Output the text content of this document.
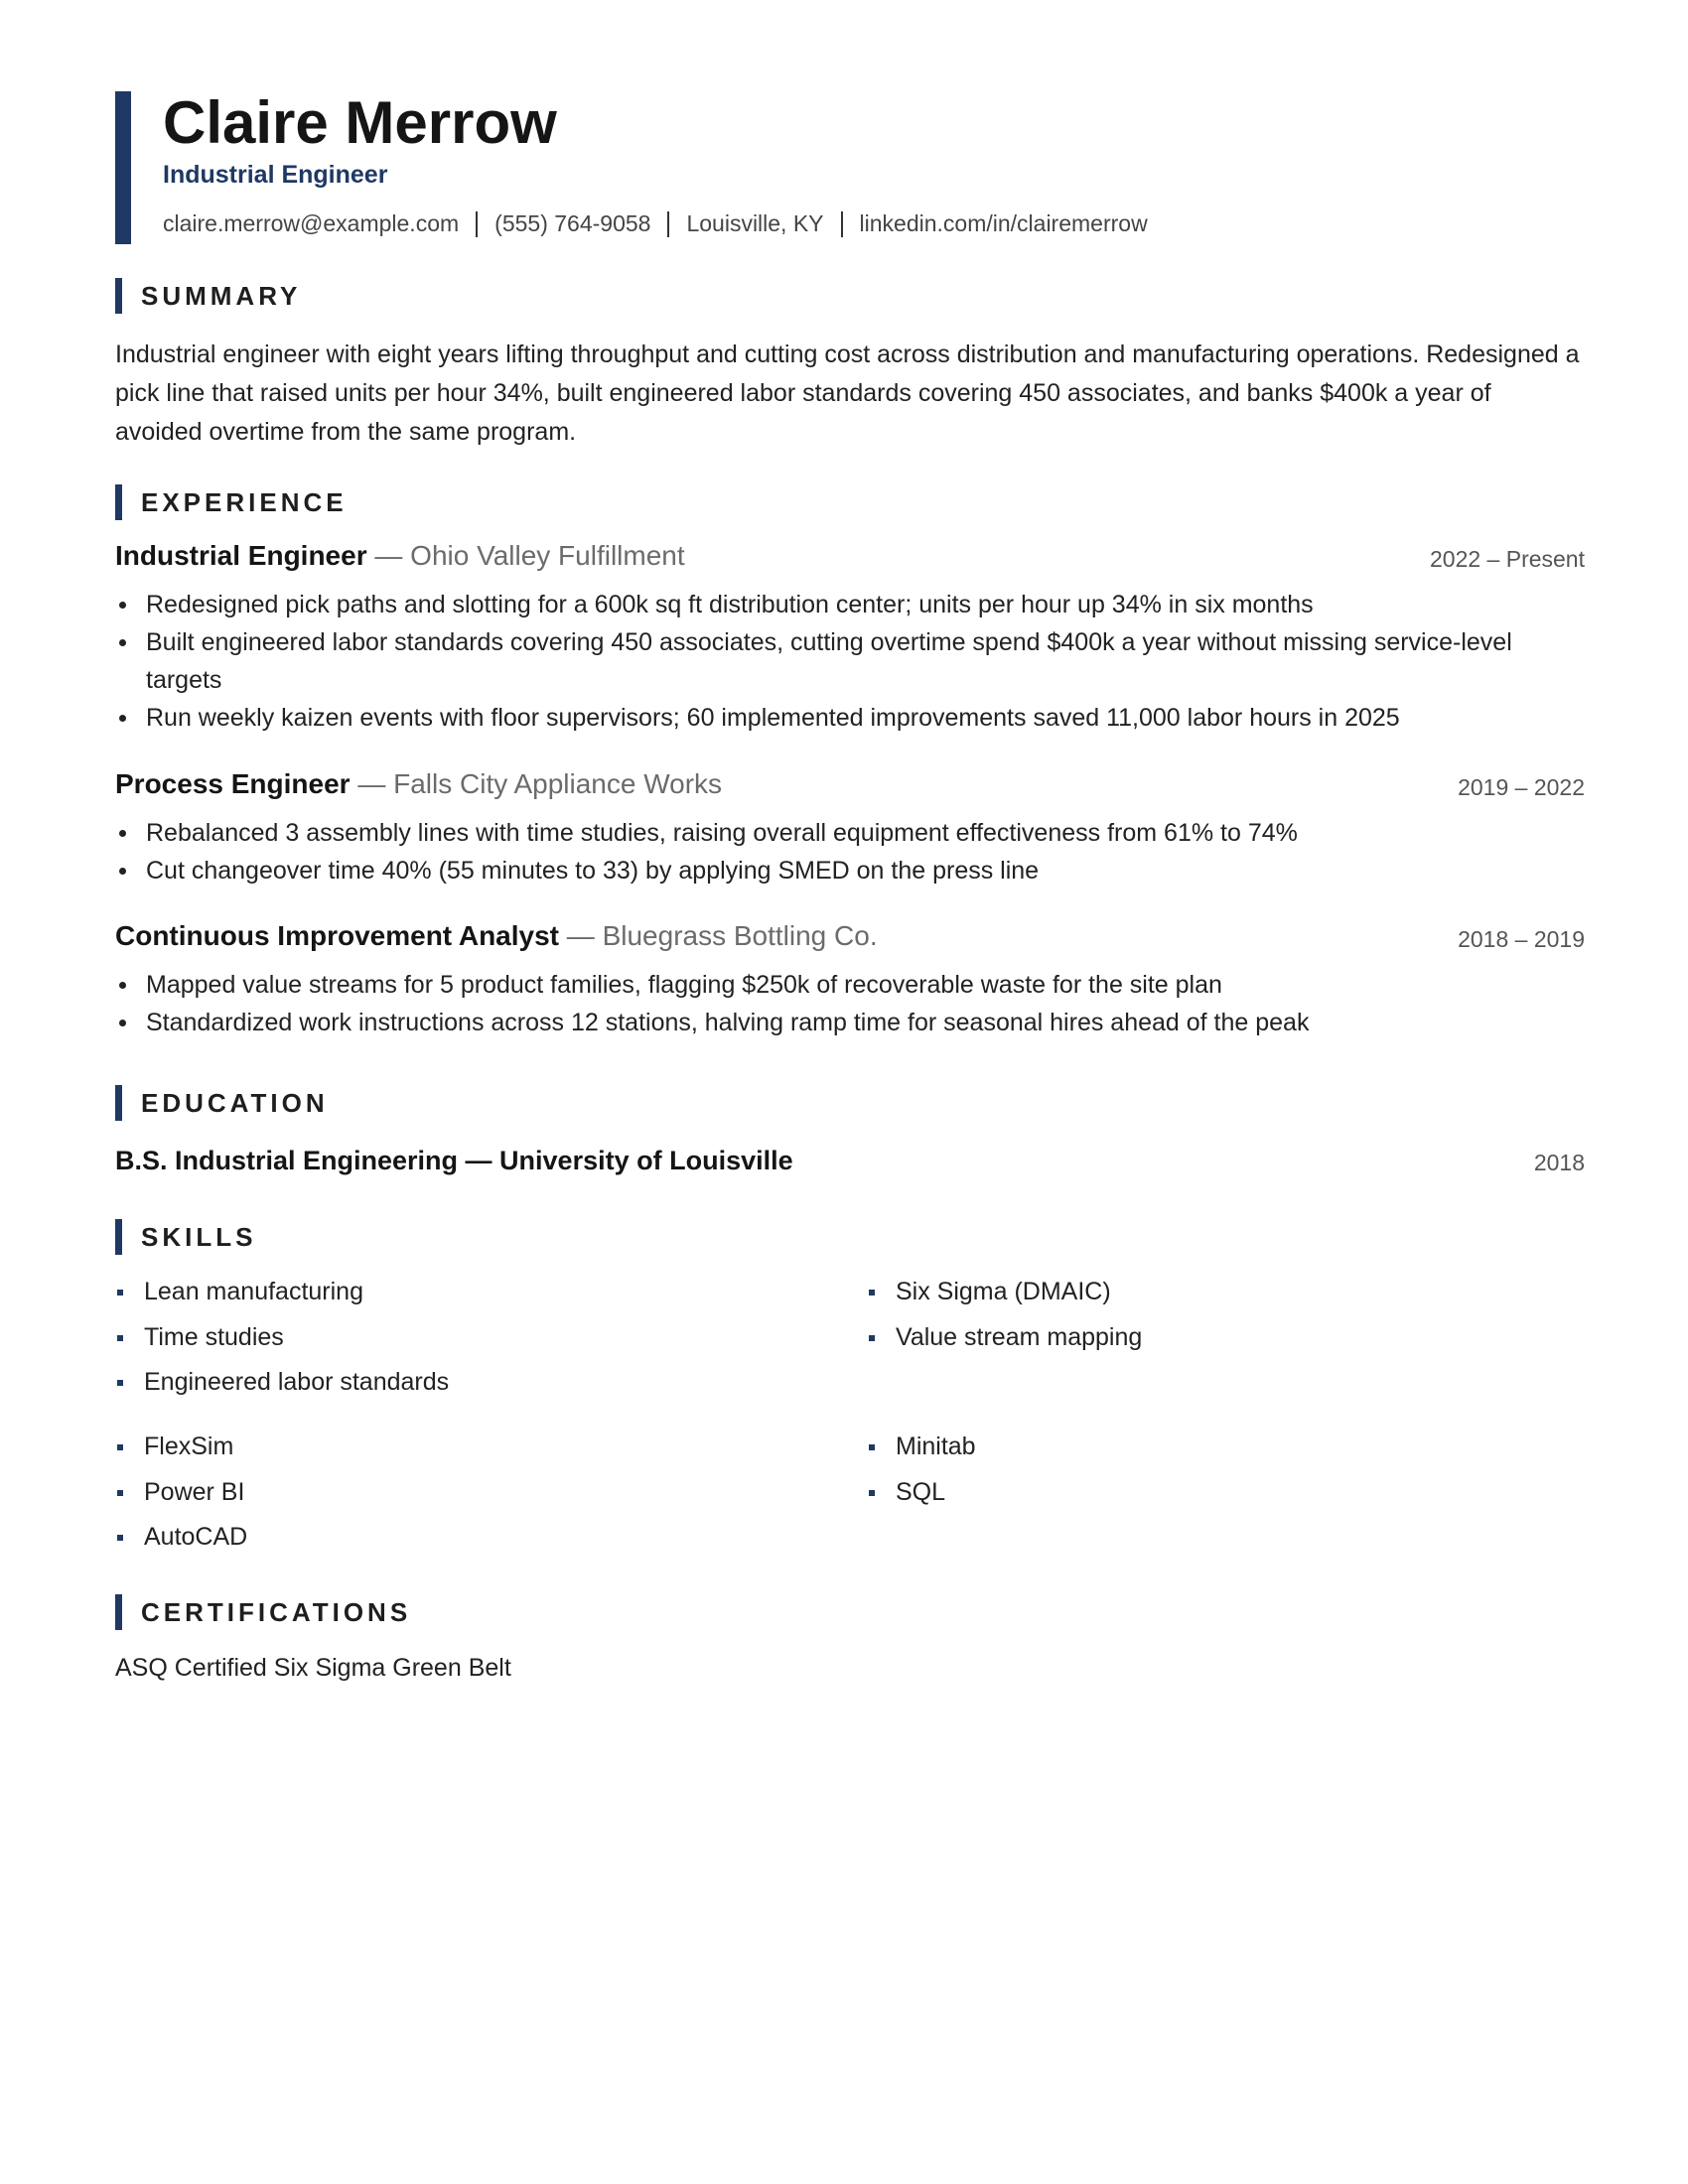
Claire Merrow
Industrial Engineer
claire.merrow@example.com (555) 764-9058 Louisville, KY linkedin.com/in/clairemerrow
SUMMARY

Industrial engineer with eight years lifting throughput and cutting cost across distribution and manufacturing operations. Redesigned a pick line that raised units per hour 34%, built engineered labor standards covering 450 associates, and banks $400k a year of avoided overtime from the same program.

EXPERIENCE
Industrial Engineer — Ohio Valley Fulfillment	2022 – Present
Redesigned pick paths and slotting for a 600k sq ft distribution center; units per hour up 34% in six months
Built engineered labor standards covering 450 associates, cutting overtime spend $400k a year without missing service-level targets
Run weekly kaizen events with floor supervisors; 60 implemented improvements saved 11,000 labor hours in 2025
Process Engineer — Falls City Appliance Works	2019 – 2022
Rebalanced 3 assembly lines with time studies, raising overall equipment effectiveness from 61% to 74%
Cut changeover time 40% (55 minutes to 33) by applying SMED on the press line
Continuous Improvement Analyst — Bluegrass Bottling Co.	2018 – 2019
Mapped value streams for 5 product families, flagging $250k of recoverable waste for the site plan
Standardized work instructions across 12 stations, halving ramp time for seasonal hires ahead of the peak
EDUCATION
B.S. Industrial Engineering — University of Louisville	2018
SKILLS
Lean manufacturing
Time studies
Engineered labor standards
Six Sigma (DMAIC)
Value stream mapping
FlexSim
Power BI
AutoCAD
Minitab
SQL
CERTIFICATIONS
ASQ Certified Six Sigma Green Belt
